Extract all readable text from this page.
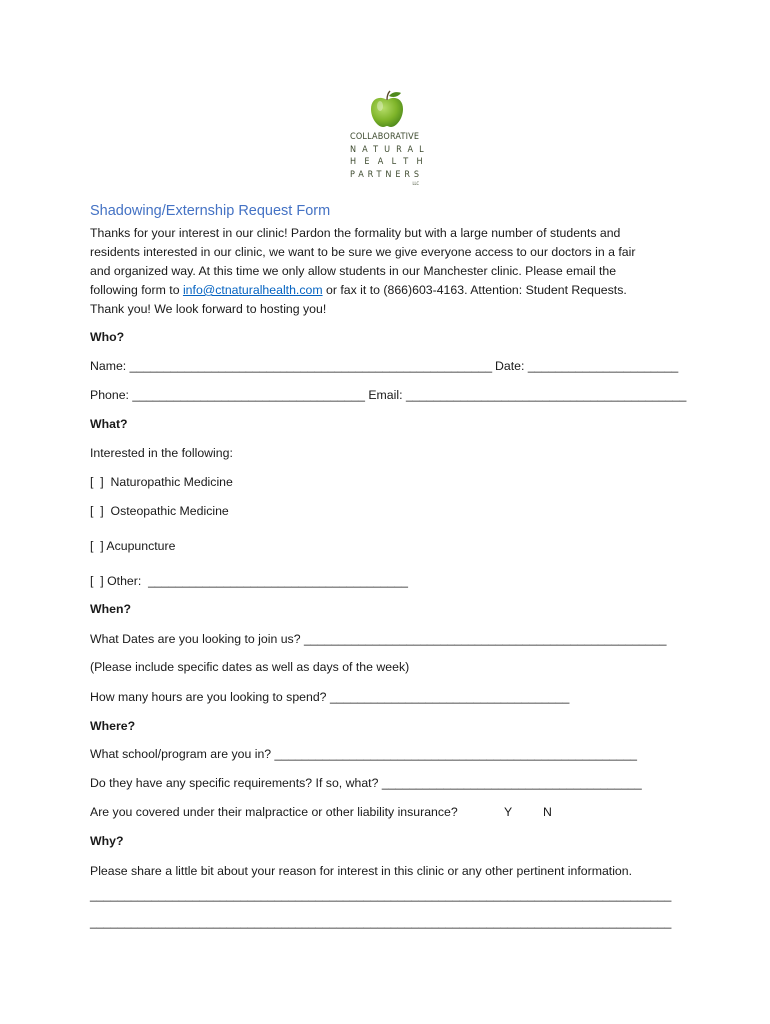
COLLABORATIVE
NATURAL
HEALTH
PARTNERS
LLC
Shadowing/Externship Request Form
Thanks for your interest in our clinic! Pardon the formality but with a large number of students and
residents interested in our clinic, we want to be sure we give everyone access to our doctors in a fair
and organized way. At this time we only allow students in our Manchester clinic. Please email the
following form to info@ctnaturalhealth.com or fax it to (866)603-4163. Attention: Student Requests.
Thank you! We look forward to hosting you!
Who?
Name: _____________________________________________________ Date: ______________________
Phone: __________________________________ Email: _________________________________________
What?
Interested in the following:
[  ]  Naturopathic Medicine
[  ]  Osteopathic Medicine
[  ] Acupuncture
[  ] Other:  ______________________________________
When?
What Dates are you looking to join us? _____________________________________________________
(Please include specific dates as well as days of the week)
How many hours are you looking to spend? ___________________________________
Where?
What school/program are you in? _____________________________________________________
Do they have any specific requirements? If so, what? ______________________________________
Are you covered under their malpractice or other liability insurance?	Y	N
Why?
Please share a little bit about your reason for interest in this clinic or any other pertinent information.
_____________________________________________________________________________________
_____________________________________________________________________________________
